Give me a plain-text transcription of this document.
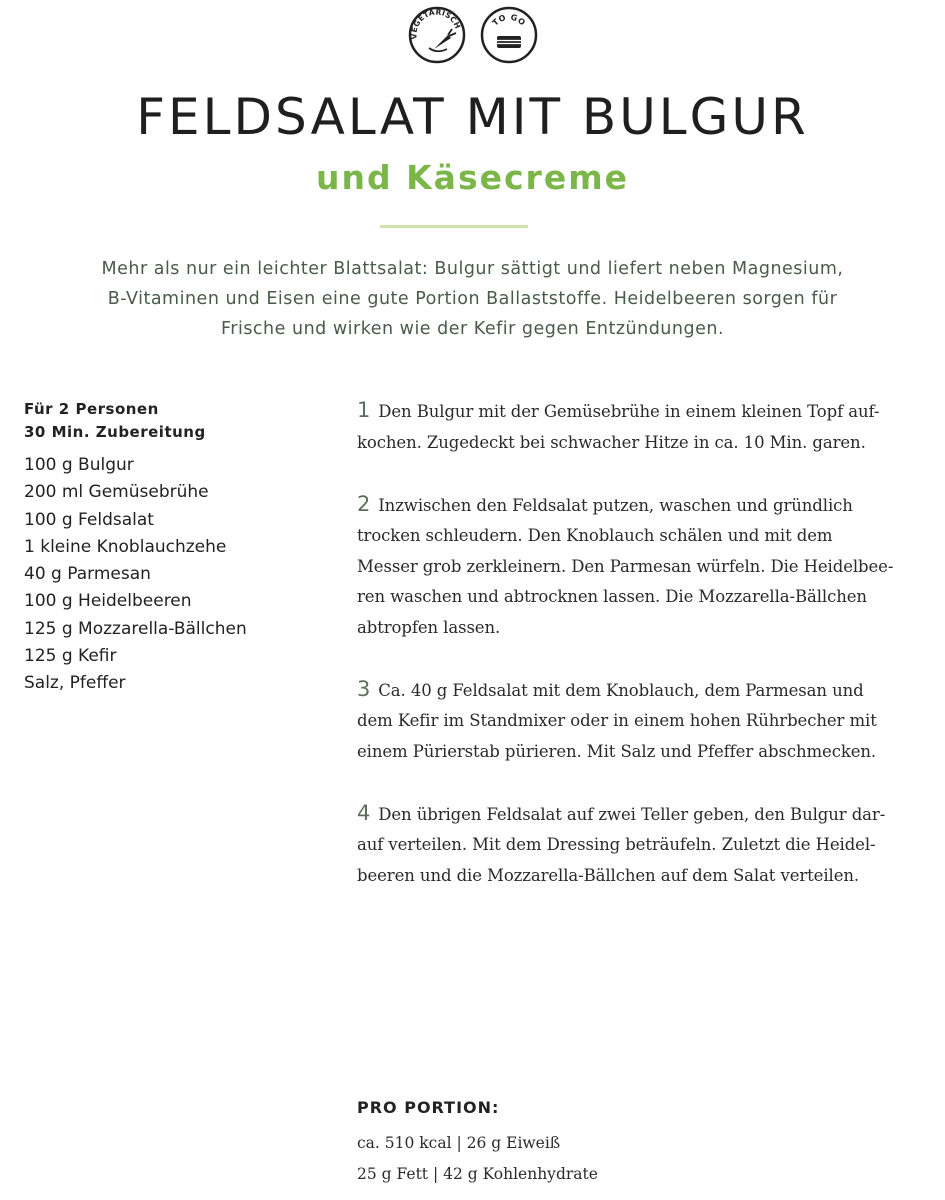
VEGETARISCH	TO GO
FELDSALAT MIT BULGUR
und Käsecreme

Mehr als nur ein leichter Blattsalat: Bulgur sättigt und liefert neben Magnesium,
B-Vitaminen und Eisen eine gute Portion Ballaststoffe. Heidelbeeren sorgen für
Frische und wirken wie der Kefir gegen Entzündungen.

Für 2 Personen
30 Min. Zubereitung
100 g Bulgur
200 ml Gemüsebrühe
100 g Feldsalat
1 kleine Knoblauchzehe
40 g Parmesan
100 g Heidelbeeren
125 g Mozzarella-Bällchen
125 g Kefir
Salz, Pfeffer

1 Den Bulgur mit der Gemüsebrühe in einem kleinen Topf auf-
kochen. Zugedeckt bei schwacher Hitze in ca. 10 Min. garen.

2 Inzwischen den Feldsalat putzen, waschen und gründlich
trocken schleudern. Den Knoblauch schälen und mit dem
Messer grob zerkleinern. Den Parmesan würfeln. Die Heidelbee-
ren waschen und abtrocknen lassen. Die Mozzarella-Bällchen
abtropfen lassen.

3 Ca. 40 g Feldsalat mit dem Knoblauch, dem Parmesan und
dem Kefir im Standmixer oder in einem hohen Rührbecher mit
einem Pürierstab pürieren. Mit Salz und Pfeffer abschmecken.

4 Den übrigen Feldsalat auf zwei Teller geben, den Bulgur dar-
auf verteilen. Mit dem Dressing beträufeln. Zuletzt die Heidel-
beeren und die Mozzarella-Bällchen auf dem Salat verteilen.

PRO PORTION:
ca. 510 kcal | 26 g Eiweiß
25 g Fett | 42 g Kohlenhydrate
